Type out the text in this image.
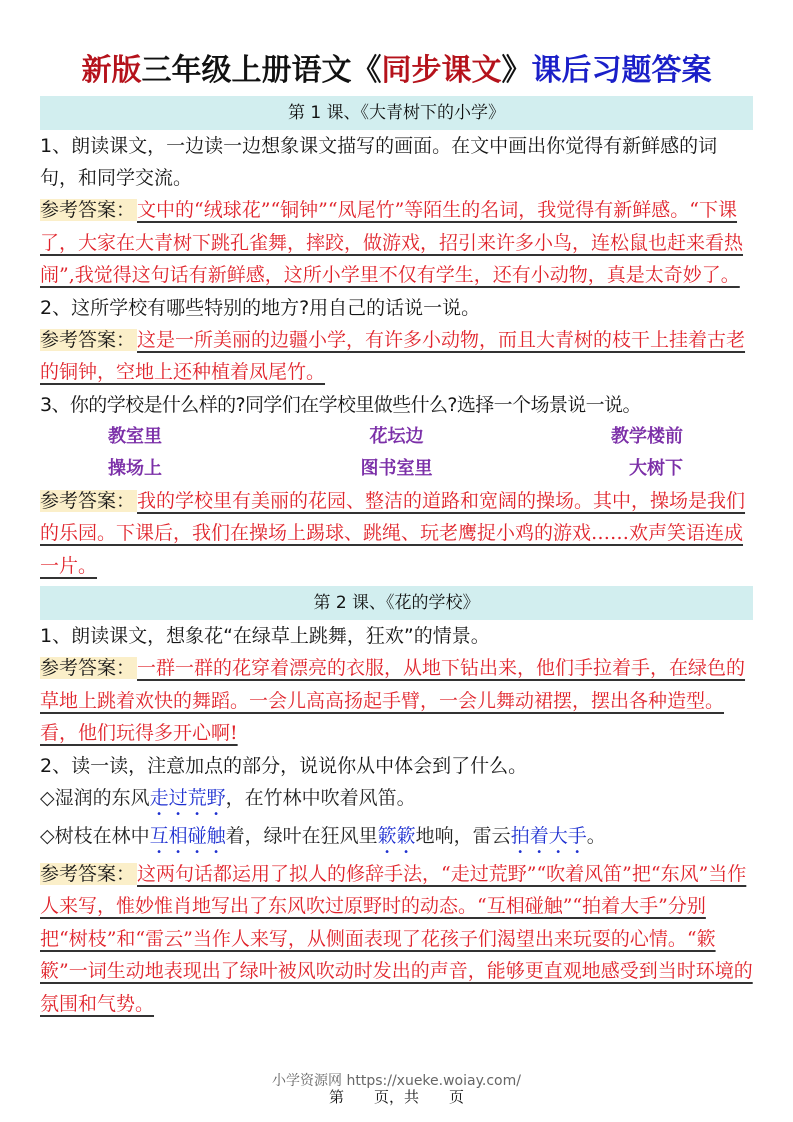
新版三年级上册语文《同步课文》课后习题答案
第 1 课、《大青树下的小学》
1、朗读课文，一边读一边想象课文描写的画面。在文中画出你觉得有新鲜感的词句，和同学交流。
参考答案： 文中的“绒球花”“铜钟”“凤尾竹”等陌生的名词，我觉得有新鲜感。“下课了，大家在大青树下跳孔雀舞，摔跤，做游戏，招引来许多小鸟，连松鼠也赶来看热闹”,我觉得这句话有新鲜感，这所小学里不仅有学生，还有小动物，真是太奇妙了。
2、这所学校有哪些特别的地方?用自己的话说一说。
参考答案： 这是一所美丽的边疆小学，有许多小动物，而且大青树的枝干上挂着古老的铜钟，空地上还种植着凤尾竹。
3、你的学校是什么样的?同学们在学校里做些什么?选择一个场景说一说。
教室里	花坛边	教学楼前
操场上	图书室里	大树下
参考答案： 我的学校里有美丽的花园、整洁的道路和宽阔的操场。其中，操场是我们的乐园。下课后，我们在操场上踢球、跳绳、玩老鹰捉小鸡的游戏……欢声笑语连成一片。
第 2 课、《花的学校》
1、朗读课文，想象花“在绿草上跳舞，狂欢”的情景。
参考答案： 一群一群的花穿着漂亮的衣服，从地下钻出来，他们手拉着手，在绿色的草地上跳着欢快的舞蹈。一会儿高高扬起手臂，一会儿舞动裙摆，摆出各种造型。看，他们玩得多开心啊!
2、读一读，注意加点的部分，说说你从中体会到了什么。
◇湿润的东风走过荒野，在竹林中吹着风笛。
◇树枝在林中互相碰触着，绿叶在狂风里簌簌地响，雷云拍着大手。
参考答案： 这两句话都运用了拟人的修辞手法，“走过荒野”“吹着风笛”把“东风”当作人来写，惟妙惟肖地写出了东风吹过原野时的动态。“互相碰触”“拍着大手”分别把“树枝”和“雷云”当作人来写，从侧面表现了花孩子们渴望出来玩耍的心情。“簌簌”一词生动地表现出了绿叶被风吹动时发出的声音，能够更直观地感受到当时环境的氛围和气势。
小学资源网 https://xueke.woiay.com/
第　　页，共　　页
